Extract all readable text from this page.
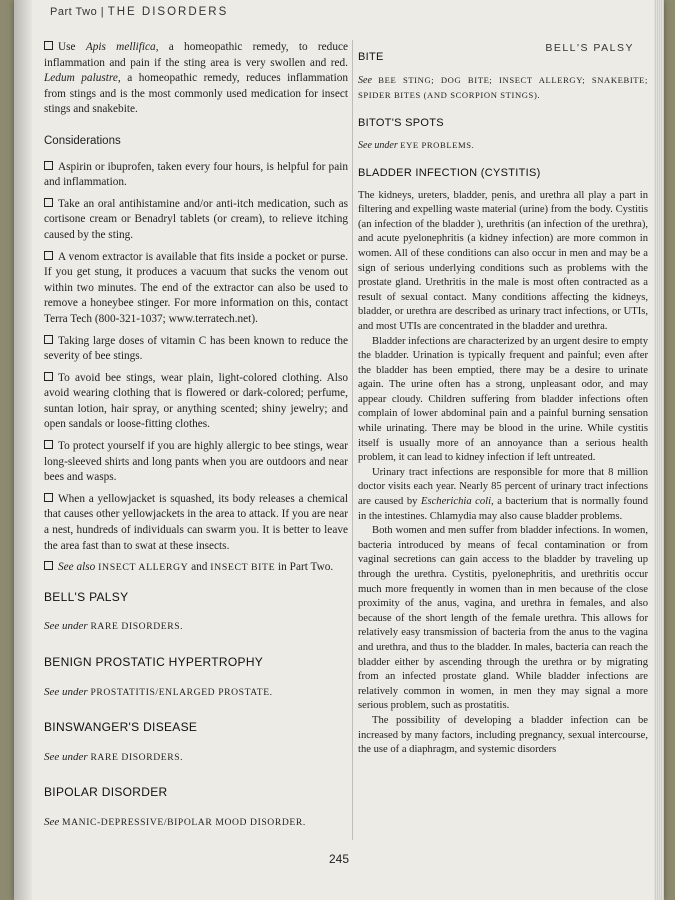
Part Two | THE DISORDERS
BELL'S PALSY

Use Apis mellifica, a homeopathic remedy, to reduce inflammation and pain if the sting area is very swollen and red. Ledum palustre, a homeopathic remedy, reduces inflammation from stings and is the most commonly used medication for insect stings and snakebite.

Considerations

Aspirin or ibuprofen, taken every four hours, is helpful for pain and inflammation.

Take an oral antihistamine and/or anti-itch medication, such as cortisone cream or Benadryl tablets (or cream), to relieve itching caused by the sting.

A venom extractor is available that fits inside a pocket or purse. If you get stung, it produces a vacuum that sucks the venom out within two minutes. The end of the extractor can also be used to remove a honeybee stinger. For more information on this, contact Terra Tech (800-321-1037; www.terratech.net).

Taking large doses of vitamin C has been known to reduce the severity of bee stings.

To avoid bee stings, wear plain, light-colored clothing. Also avoid wearing clothing that is flowered or dark-colored; perfume, suntan lotion, hair spray, or anything scented; shiny jewelry; and open sandals or loose-fitting clothes.

To protect yourself if you are highly allergic to bee stings, wear long-sleeved shirts and long pants when you are outdoors and near bees and wasps.

When a yellowjacket is squashed, its body releases a chemical that causes other yellowjackets in the area to attack. If you are near a nest, hundreds of individuals can swarm you. It is better to leave the area fast than to swat at these insects.

See also INSECT ALLERGY and INSECT BITE in Part Two.

BELL'S PALSY

See under RARE DISORDERS.

BENIGN PROSTATIC HYPERTROPHY

See under PROSTATITIS/ENLARGED PROSTATE.

BINSWANGER'S DISEASE

See under RARE DISORDERS.

BIPOLAR DISORDER

See MANIC-DEPRESSIVE/BIPOLAR MOOD DISORDER.

BITE

See BEE STING; DOG BITE; INSECT ALLERGY; SNAKEBITE; SPIDER BITES (AND SCORPION STINGS).

BITOT'S SPOTS

See under EYE PROBLEMS.

BLADDER INFECTION (CYSTITIS)

The kidneys, ureters, bladder, penis, and urethra all play a part in filtering and expelling waste material (urine) from the body. Cystitis (an infection of the bladder ), urethritis (an infection of the urethra), and acute pyelonephritis (a kidney infection) are more common in women. All of these conditions can also occur in men and may be a sign of serious underlying conditions such as problems with the prostate gland. Urethritis in the male is most often contracted as a result of sexual contact. Many conditions affecting the kidneys, bladder, or urethra are described as urinary tract infections, or UTIs, and most UTIs are concentrated in the bladder and urethra.

Bladder infections are characterized by an urgent desire to empty the bladder. Urination is typically frequent and painful; even after the bladder has been emptied, there may be a desire to urinate again. The urine often has a strong, unpleasant odor, and may appear cloudy. Children suffering from bladder infections often complain of lower abdominal pain and a painful burning sensation while urinating. There may be blood in the urine. While cystitis itself is usually more of an annoyance than a serious health problem, it can lead to kidney infection if left untreated.

Urinary tract infections are responsible for more that 8 million doctor visits each year. Nearly 85 percent of urinary tract infections are caused by Escherichia coli, a bacterium that is normally found in the intestines. Chlamydia may also cause bladder problems.

Both women and men suffer from bladder infections. In women, bacteria introduced by means of fecal contamination or from vaginal secretions can gain access to the bladder by traveling up through the urethra. Cystitis, pyelonephritis, and urethritis occur much more frequently in women than in men because of the close proximity of the anus, vagina, and urethra in females, and also because of the short length of the female urethra. This allows for relatively easy transmission of bacteria from the anus to the vagina and urethra, and thus to the bladder. In males, bacteria can reach the bladder either by ascending through the urethra or by migrating from an infected prostate gland. While bladder infections are relatively common in women, in men they may signal a more serious problem, such as prostatitis.

The possibility of developing a bladder infection can be increased by many factors, including pregnancy, sexual intercourse, the use of a diaphragm, and systemic disorders

245
